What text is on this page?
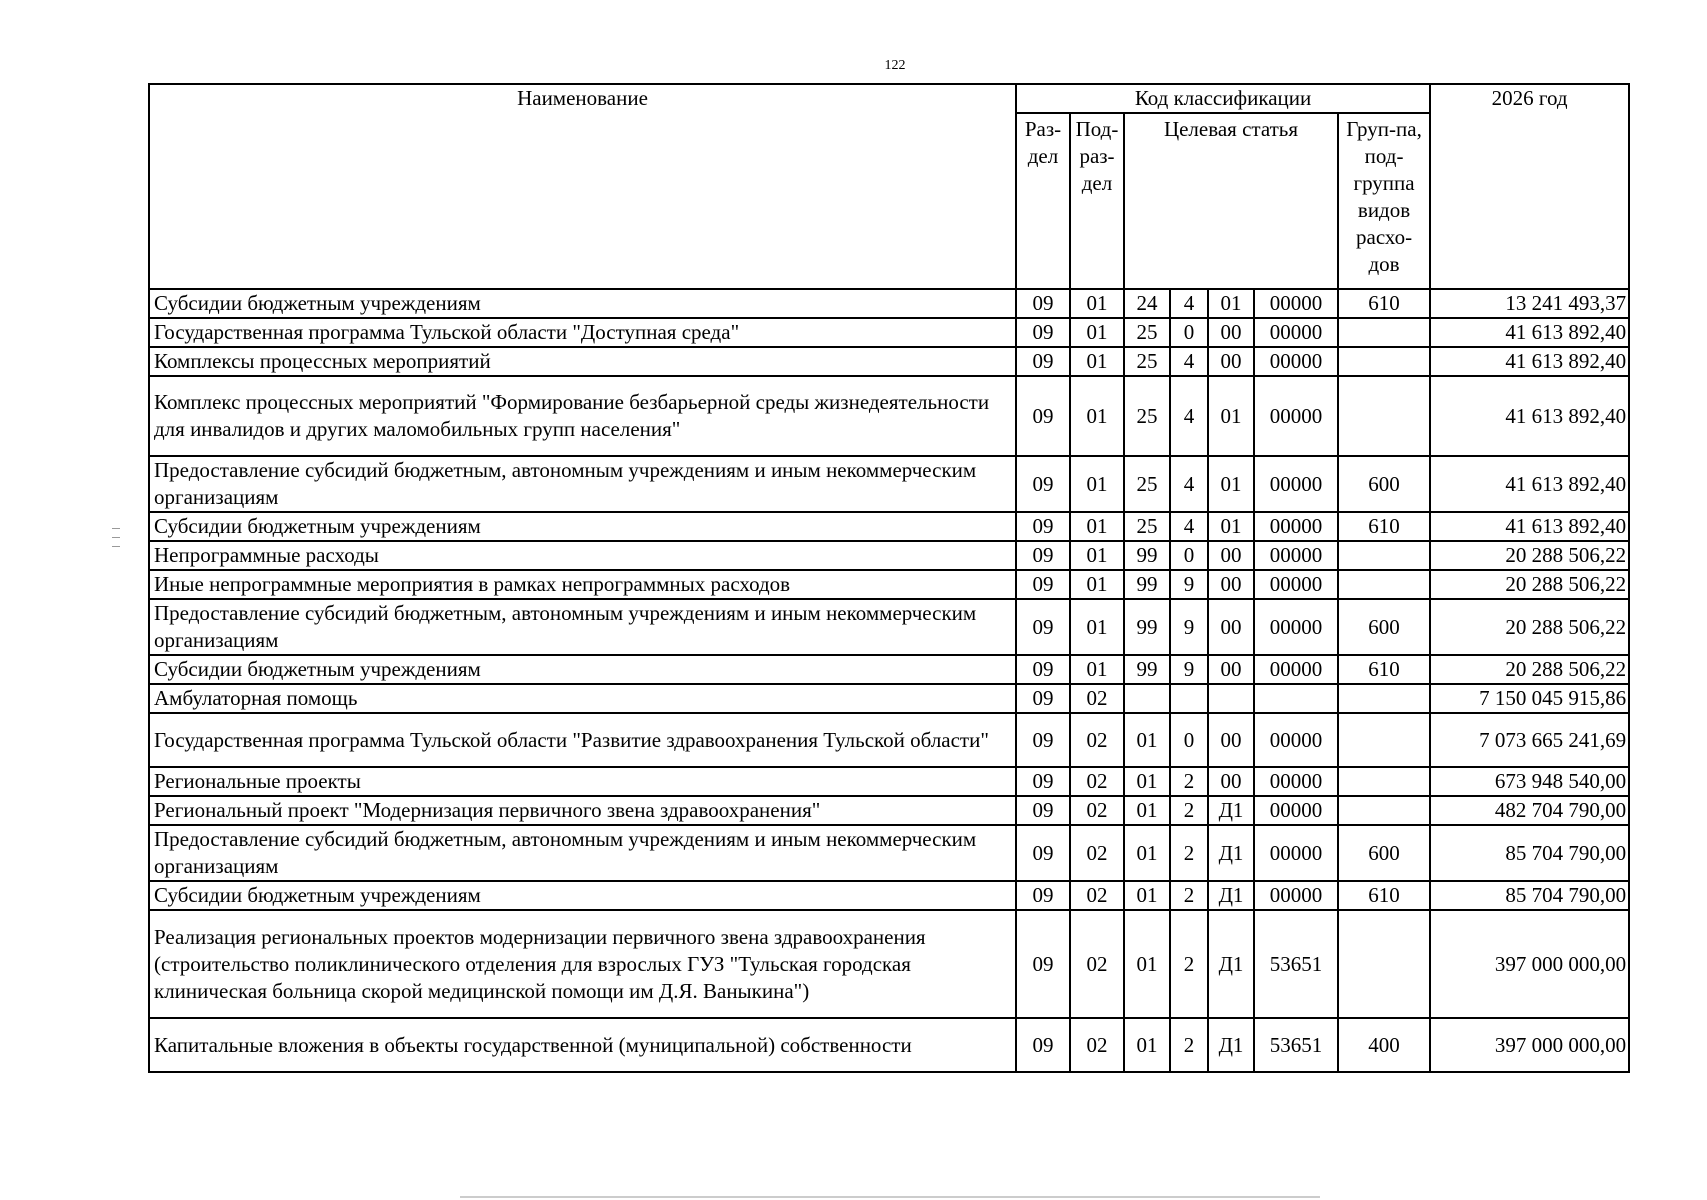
122
Наименование	Код классификации							2026 год
	Раз-дел	Под-раз-дел	Целевая статья				Груп-па, под-группа видов расхо-дов	
Субсидии бюджетным учреждениям	09	01	24	4	01	00000	610	13 241 493,37
Государственная программа Тульской области "Доступная среда"	09	01	25	0	00	00000		41 613 892,40
Комплексы процессных мероприятий	09	01	25	4	00	00000		41 613 892,40
Комплекс процессных мероприятий "Формирование безбарьерной среды жизнедеятельности для инвалидов и других маломобильных групп населения"	09	01	25	4	01	00000		41 613 892,40
Предоставление субсидий бюджетным, автономным учреждениям и иным некоммерческим организациям	09	01	25	4	01	00000	600	41 613 892,40
Субсидии бюджетным учреждениям	09	01	25	4	01	00000	610	41 613 892,40
Непрограммные расходы	09	01	99	0	00	00000		20 288 506,22
Иные непрограммные мероприятия в рамках непрограммных расходов	09	01	99	9	00	00000		20 288 506,22
Предоставление субсидий бюджетным, автономным учреждениям и иным некоммерческим организациям	09	01	99	9	00	00000	600	20 288 506,22
Субсидии бюджетным учреждениям	09	01	99	9	00	00000	610	20 288 506,22
Амбулаторная помощь	09	02						7 150 045 915,86
Государственная программа Тульской области "Развитие здравоохранения Тульской области"	09	02	01	0	00	00000		7 073 665 241,69
Региональные проекты	09	02	01	2	00	00000		673 948 540,00
Региональный проект "Модернизация первичного звена здравоохранения"	09	02	01	2	Д1	00000		482 704 790,00
Предоставление субсидий бюджетным, автономным учреждениям и иным некоммерческим организациям	09	02	01	2	Д1	00000	600	85 704 790,00
Субсидии бюджетным учреждениям	09	02	01	2	Д1	00000	610	85 704 790,00
Реализация региональных проектов модернизации первичного звена здравоохранения (строительство поликлинического отделения для взрослых ГУЗ "Тульская городская клиническая больница скорой медицинской помощи им Д.Я. Ваныкина")	09	02	01	2	Д1	53651		397 000 000,00
Капитальные вложения в объекты государственной (муниципальной) собственности	09	02	01	2	Д1	53651	400	397 000 000,00
